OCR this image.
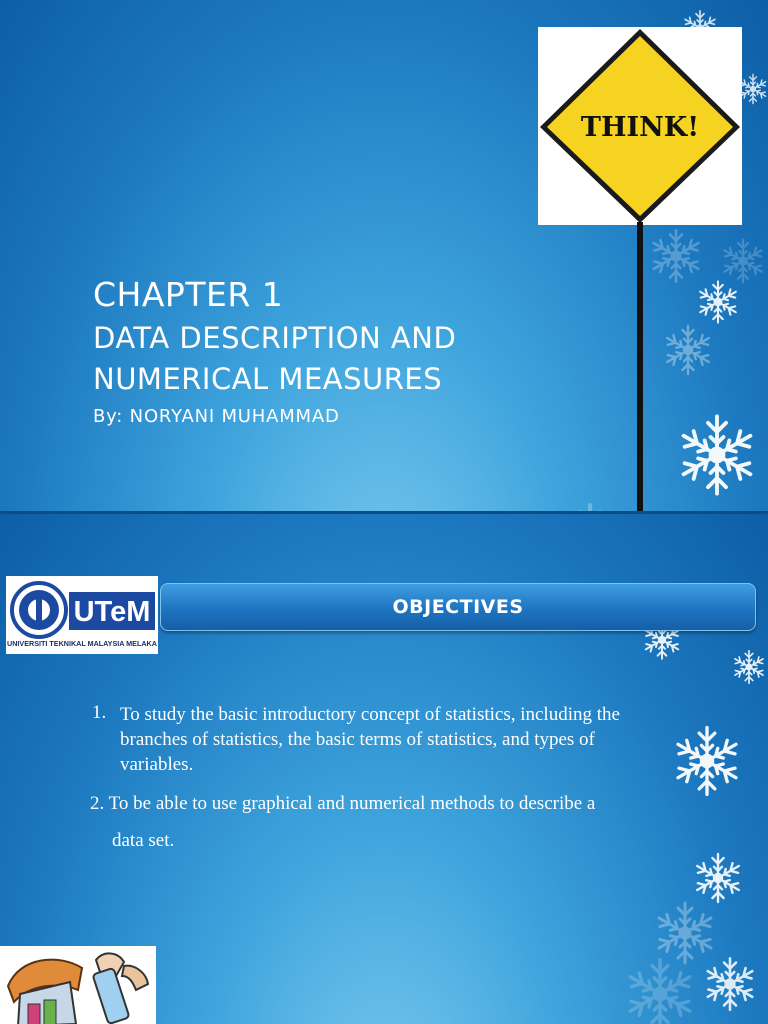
THINK!
CHAPTER 1
DATA DESCRIPTION AND
NUMERICAL MEASURES
By: NORYANI MUHAMMAD
UTeM
UNIVERSITI TEKNIKAL MALAYSIA MELAKA
OBJECTIVES
1. To study the basic introductory concept of statistics, including the branches of statistics, the basic terms of statistics, and types of variables.
2. To be able to use graphical and numerical methods to describe a
data set.
